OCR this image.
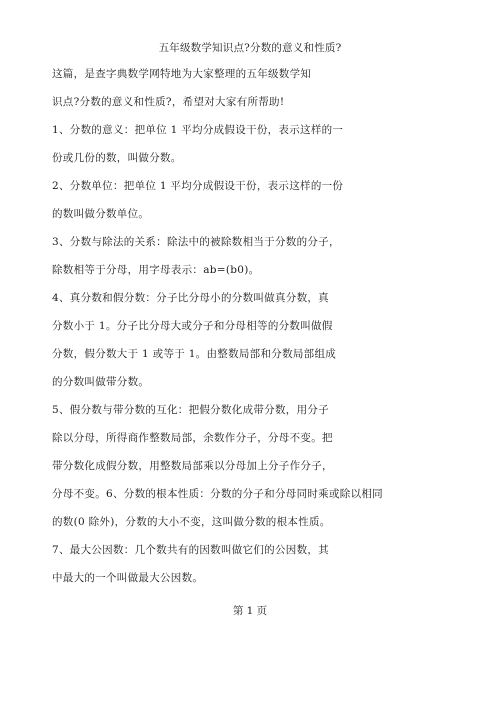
五年级数学知识点?分数的意义和性质?
这篇，是查字典数学网特地为大家整理的五年级数学知
识点?分数的意义和性质?，希望对大家有所帮助!
1、分数的意义：把单位 1 平均分成假设干份，表示这样的一
份或几份的数，叫做分数。
2、分数单位：把单位 1 平均分成假设干份，表示这样的一份
的数叫做分数单位。
3、分数与除法的关系：除法中的被除数相当于分数的分子，
除数相等于分母，用字母表示：ab=(b0)。
4、真分数和假分数：分子比分母小的分数叫做真分数，真
分数小于 1。分子比分母大或分子和分母相等的分数叫做假
分数，假分数大于 1 或等于 1。由整数局部和分数局部组成
的分数叫做带分数。
5、假分数与带分数的互化：把假分数化成带分数，用分子
除以分母，所得商作整数局部，余数作分子，分母不变。把
带分数化成假分数，用整数局部乘以分母加上分子作分子，
分母不变。6、分数的根本性质：分数的分子和分母同时乘或除以相同
的数(0 除外)，分数的大小不变，这叫做分数的根本性质。
7、最大公因数：几个数共有的因数叫做它们的公因数，其
中最大的一个叫做最大公因数。
第 1 页
